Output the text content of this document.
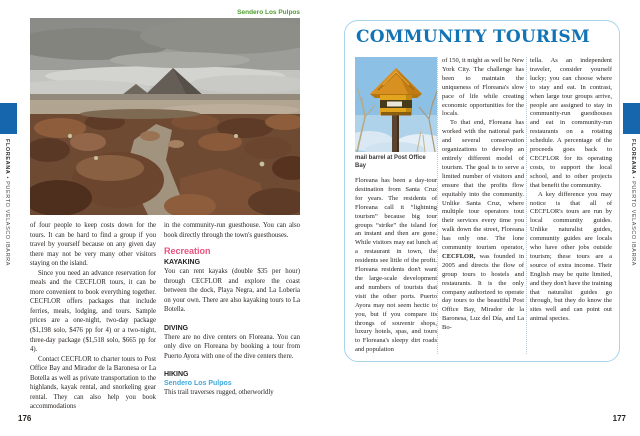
FLOREANA • PUERTO VELASCO IBARRA
FLOREANA • PUERTO VELASCO IBARRA
Sendero Los Pulpos

of four people to keep costs down for the tours. It can be hard to find a group if you travel by yourself because on any given day there may not be very many other visitors staying on the island.

Since you need an advance reservation for meals and the CECFLOR tours, it can be more convenient to book everything together. CECFLOR offers packages that include ferries, meals, lodging, and tours. Sample prices are a one-night, two-day package ($1,198 solo, $476 pp for 4) or a two-night, three-day package ($1,518 solo, $665 pp for 4).

Contact CECFLOR to charter tours to Post Office Bay and Mirador de la Baronesa or La Botella as well as private transportation to the highlands, kayak rental, and snorkeling gear rental. They can also help you book accommodations

in the community-run guesthouse. You can also book directly through the town's guesthouses.

Recreation
KAYAKING

You can rent kayaks (double $35 per hour) through CECFLOR and explore the coast between the dock, Playa Negra, and La Loberia on your own. There are also kayaking tours to La Botella.

DIVING

There are no dive centers on Floreana. You can only dive on Floreana by booking a tour from Puerto Ayora with one of the dive centers there.

HIKING
Sendero Los Pulpos

This trail traverses rugged, otherworldly

176
COMMUNITY TOURISM
mail barrel at Post Office Bay

Floreana has been a day-tour destination from Santa Cruz for years. The residents of Floreana call it “lightning tourism” because big tour groups “strike” the island for an instant and then are gone. While visitors may eat lunch at a restaurant in town, the residents see little of the profit. Floreana residents don't want the large-scale development and numbers of tourists that visit the other ports. Puerto Ayora may not seem hectic to you, but if you compare its throngs of souvenir shops, luxury hotels, spas, and tours to Floreana's sleepy dirt roads and population

of 150, it might as well be New York City. The challenge has been to maintain the uniqueness of Floreana's slow pace of life while creating economic opportunities for the locals.

To that end, Floreana has worked with the national park and several conservation organizations to develop an entirely different model of tourism. The goal is to serve a limited number of visitors and ensure that the profits flow equitably into the community. Unlike Santa Cruz, where multiple tour operators tout their services every time you walk down the street, Floreana has only one. The lone community tourism operator, CECFLOR, was founded in 2005 and directs the flow of group tours to hostels and restaurants. It is the only company authorized to operate day tours to the beautiful Post Office Bay, Mirador de la Baronesa, Luz del Día, and La Bo-

tella. As an independent traveler, consider yourself lucky; you can choose where to stay and eat. In contrast, when large tour groups arrive, people are assigned to stay in community-run guesthouses and eat in community-run restaurants on a rotating schedule. A percentage of the proceeds goes back to CECFLOR for its operating costs, to support the local school, and to other projects that benefit the community.

A key difference you may notice is that all of CECFLOR's tours are run by local community guides. Unlike naturalist guides, community guides are locals who have other jobs outside tourism; these tours are a source of extra income. Their English may be quite limited, and they don't have the training that naturalist guides go through, but they do know the sites well and can point out animal species.

177
